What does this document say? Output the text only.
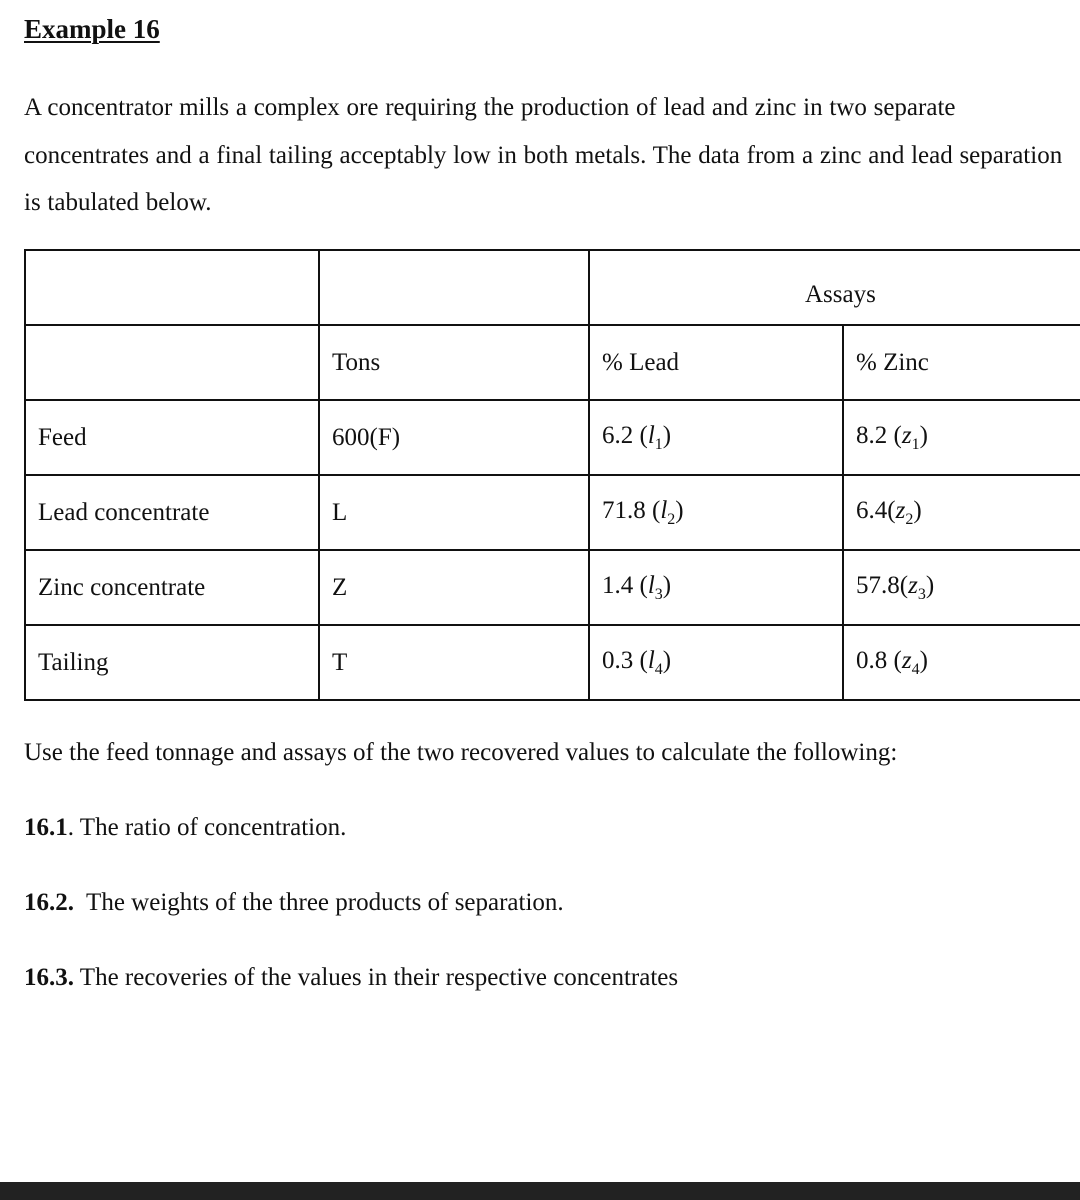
Example 16
A concentrator mills a complex ore requiring the production of lead and zinc in two separate concentrates and a final tailing acceptably low in both metals. The data from a zinc and lead separation is tabulated below.

		Assays	

	Tons	% Lead	% Zinc
Feed	600(F)	6.2 $(l_1)$	8.2 $(z_1)$
Lead concentrate	L	71.8 $(l_2)$	$6.4(z_2)$
Zinc concentrate	Z	1.4 $(l_3)$	$57.8(z_3)$
Tailing	T	0.3 $(l_4)$	0.8 $(z_4)$
Use the feed tonnage and assays of the two recovered values to calculate the following:
16.1. The ratio of concentration.
16.2.  The weights of the three products of separation.
16.3. The recoveries of the values in their respective concentrates
